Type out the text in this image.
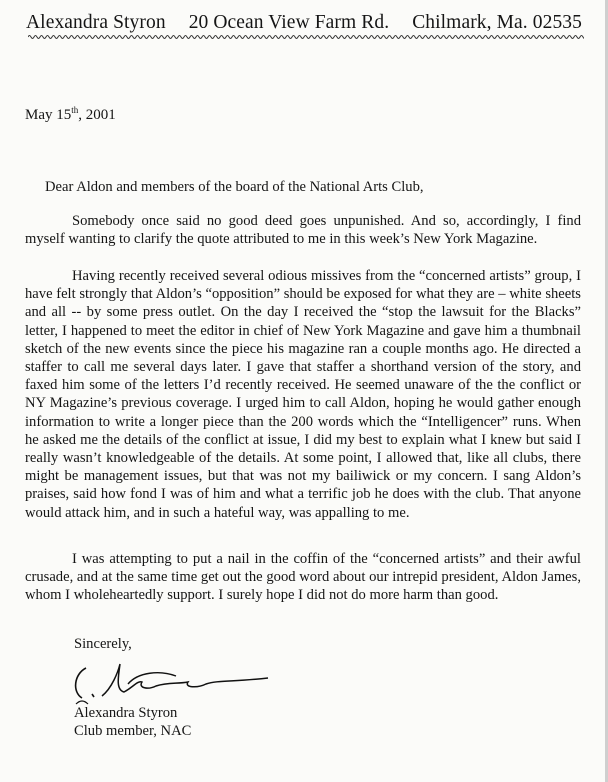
Alexandra Styron 20 Ocean View Farm Rd. Chilmark, Ma. 02535
May 15th, 2001
Dear Aldon and members of the board of the National Arts Club,
Somebody once said no good deed goes unpunished. And so, accordingly, I find myself wanting to clarify the quote attributed to me in this week’s New York Magazine.
Having recently received several odious missives from the “concerned artists” group, I have felt strongly that Aldon’s “opposition” should be exposed for what they are – white sheets and all -- by some press outlet. On the day I received the “stop the lawsuit for the Blacks” letter, I happened to meet the editor in chief of New York Magazine and gave him a thumbnail sketch of the new events since the piece his magazine ran a couple months ago. He directed a staffer to call me several days later. I gave that staffer a shorthand version of the story, and faxed him some of the letters I’d recently received. He seemed unaware of the the conflict or NY Magazine’s previous coverage. I urged him to call Aldon, hoping he would gather enough information to write a longer piece than the 200 words which the “Intelligencer” runs. When he asked me the details of the conflict at issue, I did my best to explain what I knew but said I really wasn’t knowledgeable of the details. At some point, I allowed that, like all clubs, there might be management issues, but that was not my bailiwick or my concern. I sang Aldon’s praises, said how fond I was of him and what a terrific job he does with the club. That anyone would attack him, and in such a hateful way, was appalling to me.
I was attempting to put a nail in the coffin of the “concerned artists” and their awful crusade, and at the same time get out the good word about our intrepid president, Aldon James, whom I wholeheartedly support. I surely hope I did not do more harm than good.
Sincerely,
Alexandra Styron
Club member, NAC
